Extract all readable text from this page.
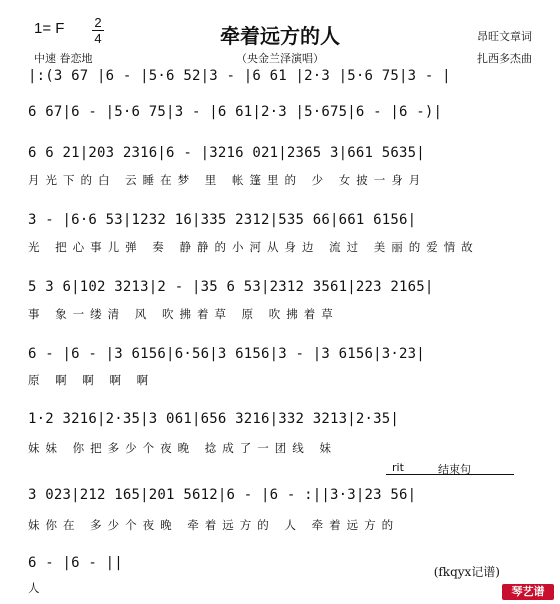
1= F 2
4	牵着远方的人
中速 眷恋地	（央金兰泽演唱）
昂旺文章词
扎西多杰曲
|:(3 67 |6 - |5·6 52|3 - |6 61 |2·3 |5·6 75|3 - |
6 67|6 - |5·6 75|3 - |6 61|2·3 |5·675|6 - |6 -)|
6 6 21|203 2316|6 - |3216 021|2365 3|661 5635|
月光下的白 云睡在梦 里 帐篷里的 少 女披一身月
3 - |6·6 53|1232 16|335 2312|535 66|661 6156|
光 把心事儿弹 奏 静静的小河从身边 流过 美丽的爱情故
5 3 6|102 3213|2 - |35 6 53|2312 3561|223 2165|
事 象一缕清 风 吹拂着草 原 吹拂着草
6 - |6 - |3 6156|6·56|3 6156|3 - |3 6156|3·23|
原 啊 啊 啊 啊
1·2 3216|2·35|3 061|656 3216|332 3213|2·35|
妹妹 你把多少个夜晚 捻成了一团线 妹
rit	结束句
3 023|212 165|201 5612|6 - |6 - :||3·3|23 56|
妹你在 多少个夜晚 牵着远方的 人 牵着远方的
6 - |6 - ||
人
(fkqyx记谱)
琴艺谱
